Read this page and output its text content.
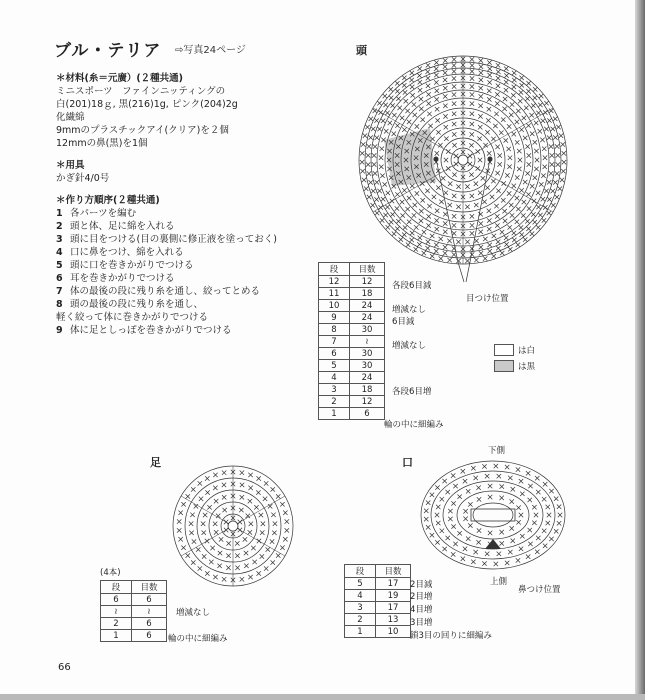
ブル・テリア ⇨写真24ページ
＊材料(糸＝元廣）(２種共通)
ミニスポーツ　ファインニッティングの
白(201)18ｇ, 黒(216)1g, ピンク(204)2g
化繊綿
9mmのプラスチックアイ(クリア)を２個
12mmの鼻(黒)を1個
＊用具
かぎ針4/0号
＊作り方順序(２種共通)
1 各パーツを編む
2 頭と体、足に綿を入れる
3 頭に目をつける(目の裏側に修正液を塗っておく)
4 口に鼻をつけ、綿を入れる
5 頭に口を巻きかがりでつける
6 耳を巻きかがりでつける
7 体の最後の段に残り糸を通し、絞ってとめる
8 頭の最後の段に残り糸を通し、
軽く絞って体に巻きかがりでつける
9 体に足としっぽを巻きかがりでつける
頭
目つけ位置
段	目数
12	12
11	18
10	24
9	24
8	30
7	≀
6	30
5	30
4	24
3	18
2	12
1	6
各段6目減
増減なし
6目減
増減なし
各段6目増
輪の中に細編み
は白
は黒
足
(4本)
段	目数
6	6
≀	≀
2	6
1	6
増減なし
輪の中に細編み
口
下側
上側
鼻つけ位置
段	目数
5	17
4	19
3	17
2	13
1	10
2目減
2目増
4目増
3目増
鎖3目の回りに細編み
66
